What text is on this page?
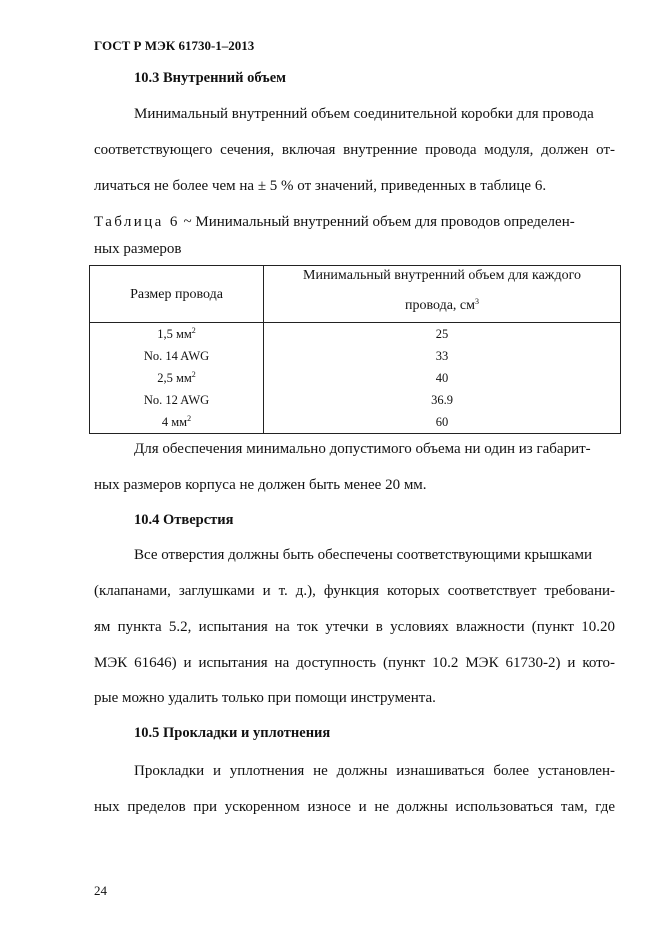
ГОСТ Р МЭК 61730-1–2013
10.3 Внутренний объем
Минимальный внутренний объем соединительной коробки для провода
соответствующего сечения, включая внутренние провода модуля, должен от-
личаться не более чем на ± 5 % от значений, приведенных в таблице 6.
Таблица 6 ~ Минимальный внутренний объем для проводов определен-
ных размеров
Размер провода	Минимальный внутренний объем для каждого
провода, $см^3$

1,5 $мм^2$	25
No. 14 AWG	33
2,5 $мм^2$	40
No. 12 AWG	36.9
4 $мм^2$	60
Для обеспечения минимально допустимого объема ни один из габарит-
ных размеров корпуса не должен быть менее 20 мм.
10.4 Отверстия
Все отверстия должны быть обеспечены соответствующими крышками
(клапанами, заглушками и т. д.), функция которых соответствует требовани-
ям пункта 5.2, испытания на ток утечки в условиях влажности (пункт 10.20
МЭК 61646) и испытания на доступность (пункт 10.2 МЭК 61730-2) и кото-
рые можно удалить только при помощи инструмента.
10.5 Прокладки и уплотнения
Прокладки и уплотнения не должны изнашиваться более установлен-
ных пределов при ускоренном износе и не должны использоваться там, где
24
